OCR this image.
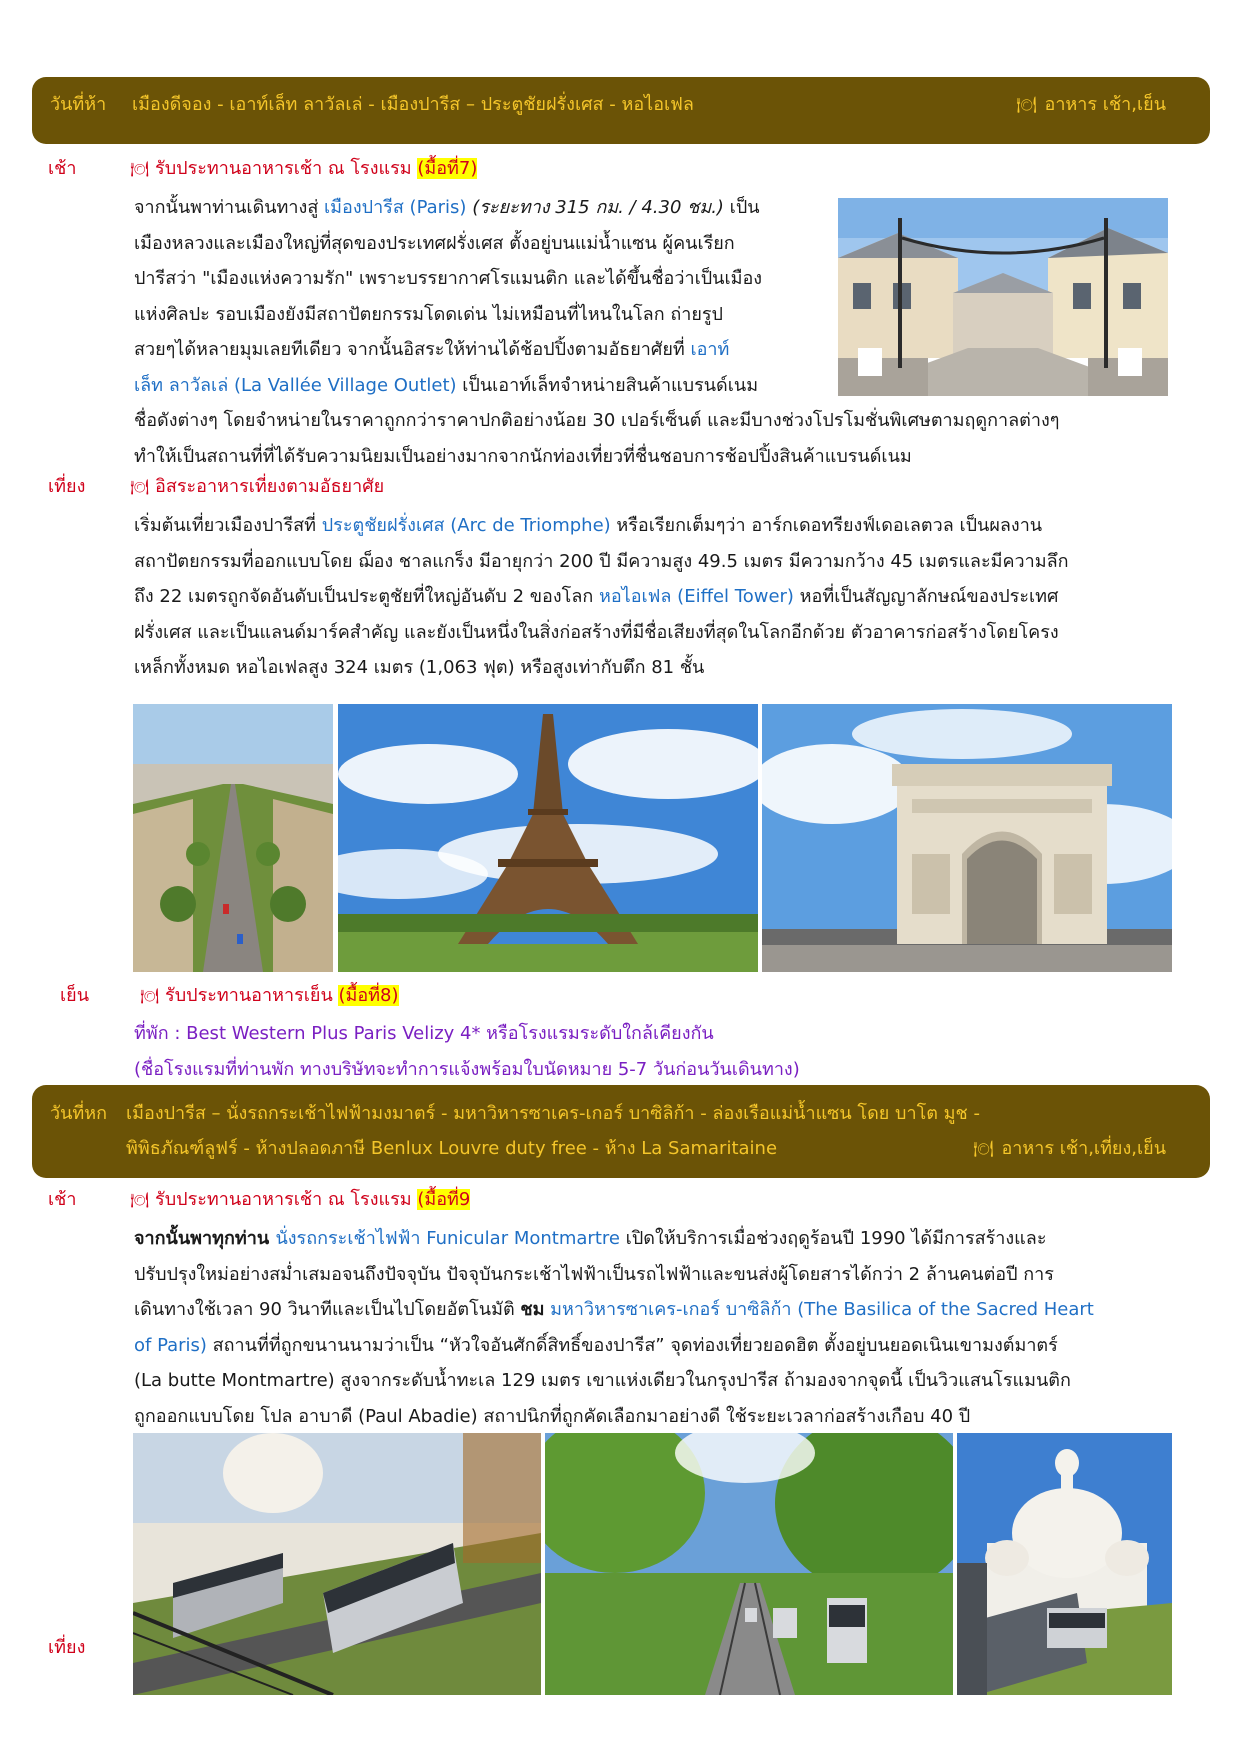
วันที่ห้า เมืองดีจอง - เอาท์เล็ท ลาวัลเล่ - เมืองปารีส – ประตูชัยฝรั่งเศส - หอไอเฟล	🍽 อาหาร เช้า,เย็น
เช้า	🍽 รับประทานอาหารเช้า ณ โรงแรม (มื้อที่7)
จากนั้นพาท่านเดินทางสู่ เมืองปารีส (Paris) (ระยะทาง 315 กม. / 4.30 ชม.) เป็น
เมืองหลวงและเมืองใหญ่ที่สุดของประเทศฝรั่งเศส ตั้งอยู่บนแม่น้ำแซน ผู้คนเรียก
ปารีสว่า "เมืองแห่งความรัก" เพราะบรรยากาศโรแมนติก และได้ขึ้นชื่อว่าเป็นเมือง
แห่งศิลปะ รอบเมืองยังมีสถาปัตยกรรมโดดเด่น ไม่เหมือนที่ไหนในโลก ถ่ายรูป
สวยๆได้หลายมุมเลยทีเดียว จากนั้นอิสระให้ท่านได้ช้อปปิ้งตามอัธยาศัยที่ เอาท์
เล็ท ลาวัลเล่ (La Vallée Village Outlet) เป็นเอาท์เล็ทจำหน่ายสินค้าแบรนด์เนม
ชื่อดังต่างๆ โดยจำหน่ายในราคาถูกกว่าราคาปกติอย่างน้อย 30 เปอร์เซ็นต์ และมีบางช่วงโปรโมชั่นพิเศษตามฤดูกาลต่างๆ
ทำให้เป็นสถานที่ที่ได้รับความนิยมเป็นอย่างมากจากนักท่องเที่ยวที่ชื่นชอบการช้อปปิ้งสินค้าแบรนด์เนม
เที่ยง	🍽 อิสระอาหารเที่ยงตามอัธยาศัย
เริ่มต้นเที่ยวเมืองปารีสที่ ประตูชัยฝรั่งเศส (Arc de Triomphe) หรือเรียกเต็มๆว่า อาร์กเดอทรียงฟ์เดอเลตวล เป็นผลงาน
สถาปัตยกรรมที่ออกแบบโดย ฌ็อง ชาลแกร็ง มีอายุกว่า 200 ปี มีความสูง 49.5 เมตร มีความกว้าง 45 เมตรและมีความลึก
ถึง 22 เมตรถูกจัดอันดับเป็นประตูชัยที่ใหญ่อันดับ 2 ของโลก หอไอเฟล (Eiffel Tower) หอที่เป็นสัญญาลักษณ์ของประเทศ
ฝรั่งเศส และเป็นแลนด์มาร์คสำคัญ และยังเป็นหนึ่งในสิ่งก่อสร้างที่มีชื่อเสียงที่สุดในโลกอีกด้วย ตัวอาคารก่อสร้างโดยโครง
เหล็กทั้งหมด หอไอเฟลสูง 324 เมตร (1,063 ฟุต) หรือสูงเท่ากับตึก 81 ชั้น
เย็น	🍽 รับประทานอาหารเย็น (มื้อที่8)
ที่พัก : Best Western Plus Paris Velizy 4* หรือโรงแรมระดับใกล้เคียงกัน
(ชื่อโรงแรมที่ท่านพัก ทางบริษัทจะทำการแจ้งพร้อมใบนัดหมาย 5-7 วันก่อนวันเดินทาง)
วันที่หก เมืองปารีส – นั่งรถกระเช้าไฟฟ้ามงมาตร์ - มหาวิหารซาเคร-เกอร์ บาซิลิก้า - ล่องเรือแม่น้ำแซน โดย บาโต มูช -
พิพิธภัณฑ์ลูฟร์ - ห้างปลอดภาษี Benlux Louvre duty free - ห้าง La Samaritaine	🍽 อาหาร เช้า,เที่ยง,เย็น
เช้า	🍽 รับประทานอาหารเช้า ณ โรงแรม (มื้อที่9
จากนั้นพาทุกท่าน นั่งรถกระเช้าไฟฟ้า Funicular Montmartre เปิดให้บริการเมื่อช่วงฤดูร้อนปี 1990 ได้มีการสร้างและ
ปรับปรุงใหม่อย่างสม่ำเสมอจนถึงปัจจุบัน ปัจจุบันกระเช้าไฟฟ้าเป็นรถไฟฟ้าและขนส่งผู้โดยสารได้กว่า 2 ล้านคนต่อปี การ
เดินทางใช้เวลา 90 วินาทีและเป็นไปโดยอัตโนมัติ ชม มหาวิหารซาเคร-เกอร์ บาซิลิก้า (The Basilica of the Sacred Heart
of Paris) สถานที่ที่ถูกขนานนามว่าเป็น “หัวใจอันศักดิ์สิทธิ์ของปารีส” จุดท่องเที่ยวยอดฮิต ตั้งอยู่บนยอดเนินเขามงต์มาตร์
(La butte Montmartre) สูงจากระดับน้ำทะเล 129 เมตร เขาแห่งเดียวในกรุงปารีส ถ้ามองจากจุดนี้ เป็นวิวแสนโรแมนติก
ถูกออกแบบโดย โปล อาบาดี (Paul Abadie) สถาปนิกที่ถูกคัดเลือกมาอย่างดี ใช้ระยะเวลาก่อสร้างเกือบ 40 ปี
เที่ยง
